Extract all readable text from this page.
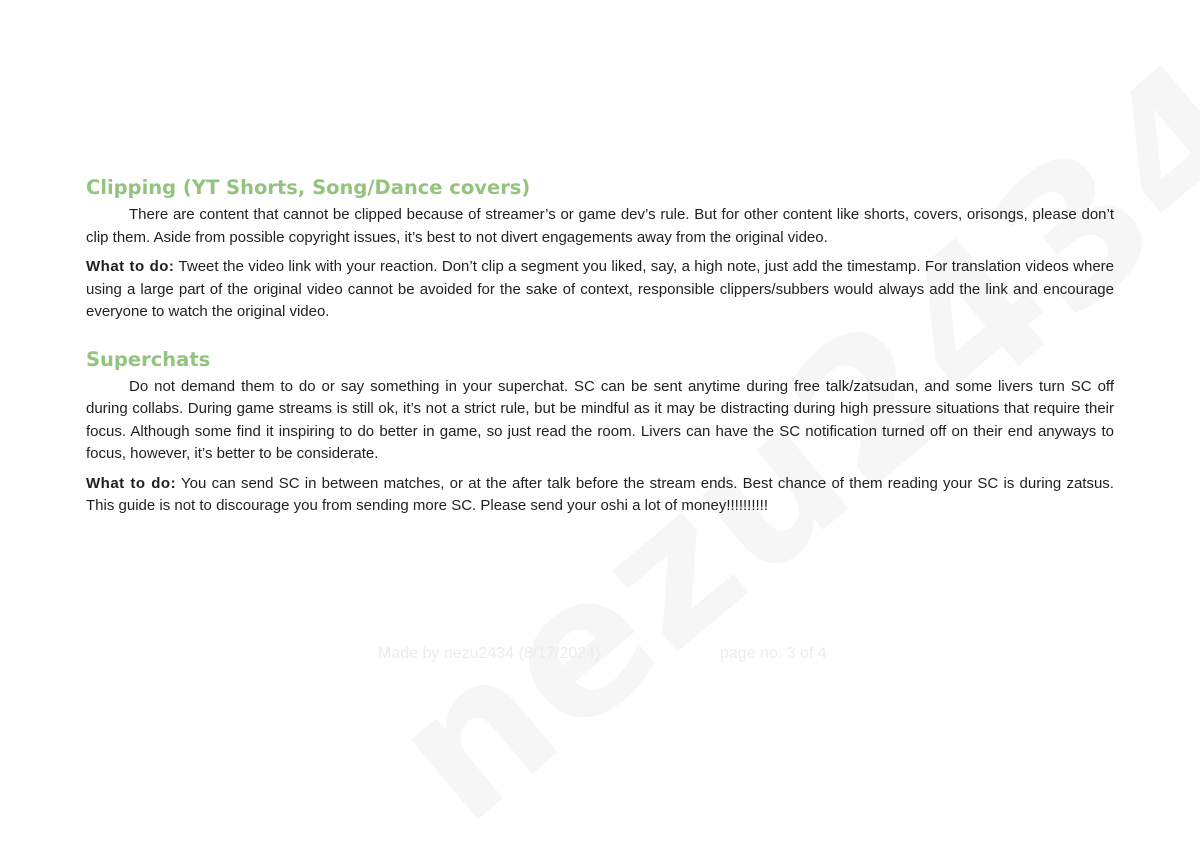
Clipping (YT Shorts, Song/Dance covers)

There are content that cannot be clipped because of streamer’s or game dev’s rule. But for other content like shorts, covers, orisongs, please don’t clip them. Aside from possible copyright issues, it’s best to not divert engagements away from the original video.

What to do: Tweet the video link with your reaction. Don’t clip a segment you liked, say, a high note, just add the timestamp. For translation videos where using a large part of the original video cannot be avoided for the sake of context, responsible clippers/subbers would always add the link and encourage everyone to watch the original video.

Superchats

Do not demand them to do or say something in your superchat. SC can be sent anytime during free talk/zatsudan, and some livers turn SC off during collabs. During game streams is still ok, it’s not a strict rule, but be mindful as it may be distracting during high pressure situations that require their focus. Although some find it inspiring to do better in game, so just read the room. Livers can have the SC notification turned off on their end anyways to focus, however, it’s better to be considerate.

What to do: You can send SC in between matches, or at the after talk before the stream ends. Best chance of them reading your SC is during zatsus. This guide is not to discourage you from sending more SC. Please send your oshi a lot of money!!!!!!!!!!

Made by nezu2434 (8/17/2024)	page no. 3 of 4
